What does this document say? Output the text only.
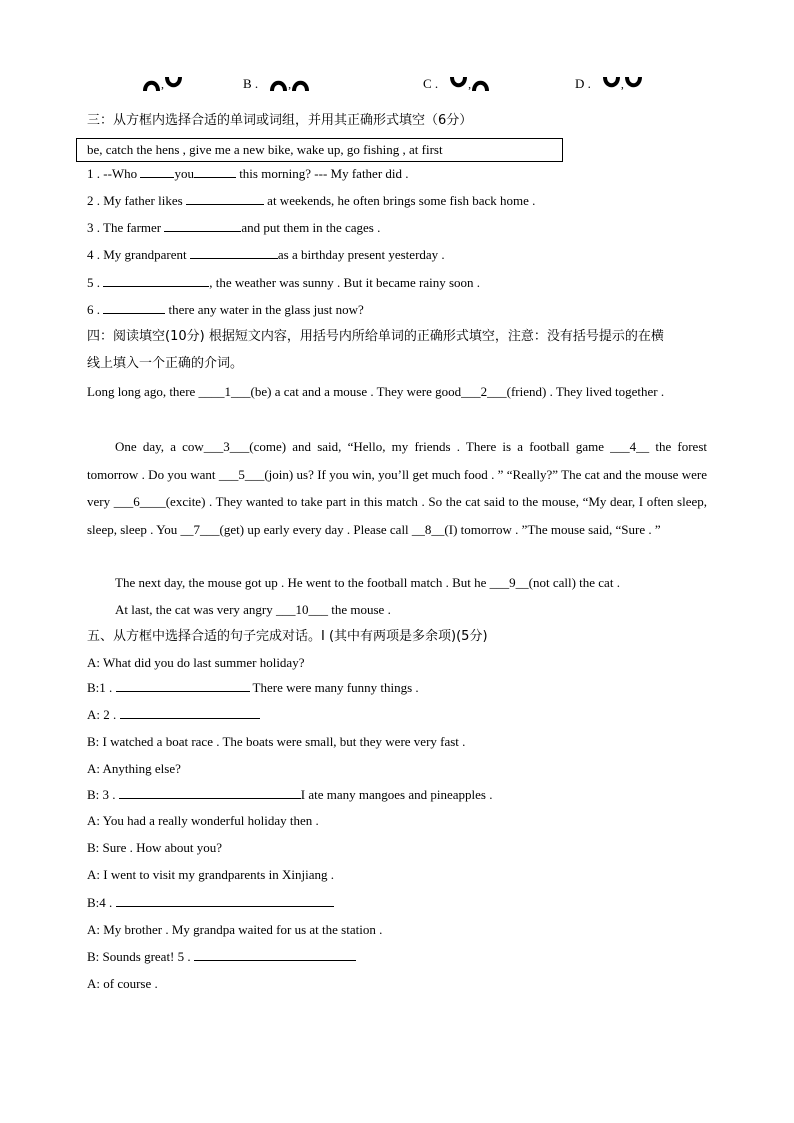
,	B .	,	C .	,	D .	,
三：从方框内选择合适的单词或词组，并用其正确形式填空（6分）
be, catch the hens , give me a new bike, wake up, go fishing , at first
1 . --Who	you	this morning? --- My father did .
2 . My father likes	at weekends, he often brings some fish back home .
3 . The farmer	and put them in the cages .
4 . My grandparent	as a birthday present yesterday .
5 .	, the weather was sunny . But it became rainy soon .
6 .	there any water in the glass just now?
四：阅读填空(10分) 根据短文内容，用括号内所给单词的正确形式填空，注意：没有括号提示的在横
线上填入一个正确的介词。
Long long ago, there ____1___(be) a cat and a mouse . They were good___2___(friend) . They lived together .
One day, a cow___3___(come) and said, “Hello, my friends . There is a football game ___4__ the forest tomorrow . Do you want ___5___(join) us? If you win, you’ll get much food . ” “Really?” The cat and the mouse were very ___6____(excite) . They wanted to take part in this match . So the cat said to the mouse, “My dear, I often sleep, sleep, sleep . You __7___(get) up early every day . Please call __8__(I) tomorrow . ”The mouse said, “Sure . ”
The next day, the mouse got up . He went to the football match . But he ___9__(not call) the cat .
At last, the cat was very angry ___10___ the mouse .
五、从方框中选择合适的句子完成对话。I (其中有两项是多余项)(5分)
A: What did you do last summer holiday?
B:1 .	There were many funny things .
A: 2 .
B: I watched a boat race . The boats were small, but they were very fast .
A: Anything else?
B: 3 .	I ate many mangoes and pineapples .
A: You had a really wonderful holiday then .
B: Sure . How about you?
A: I went to visit my grandparents in Xinjiang .
B:4 .
A: My brother . My grandpa waited for us at the station .
B: Sounds great! 5 .
A: of course .
